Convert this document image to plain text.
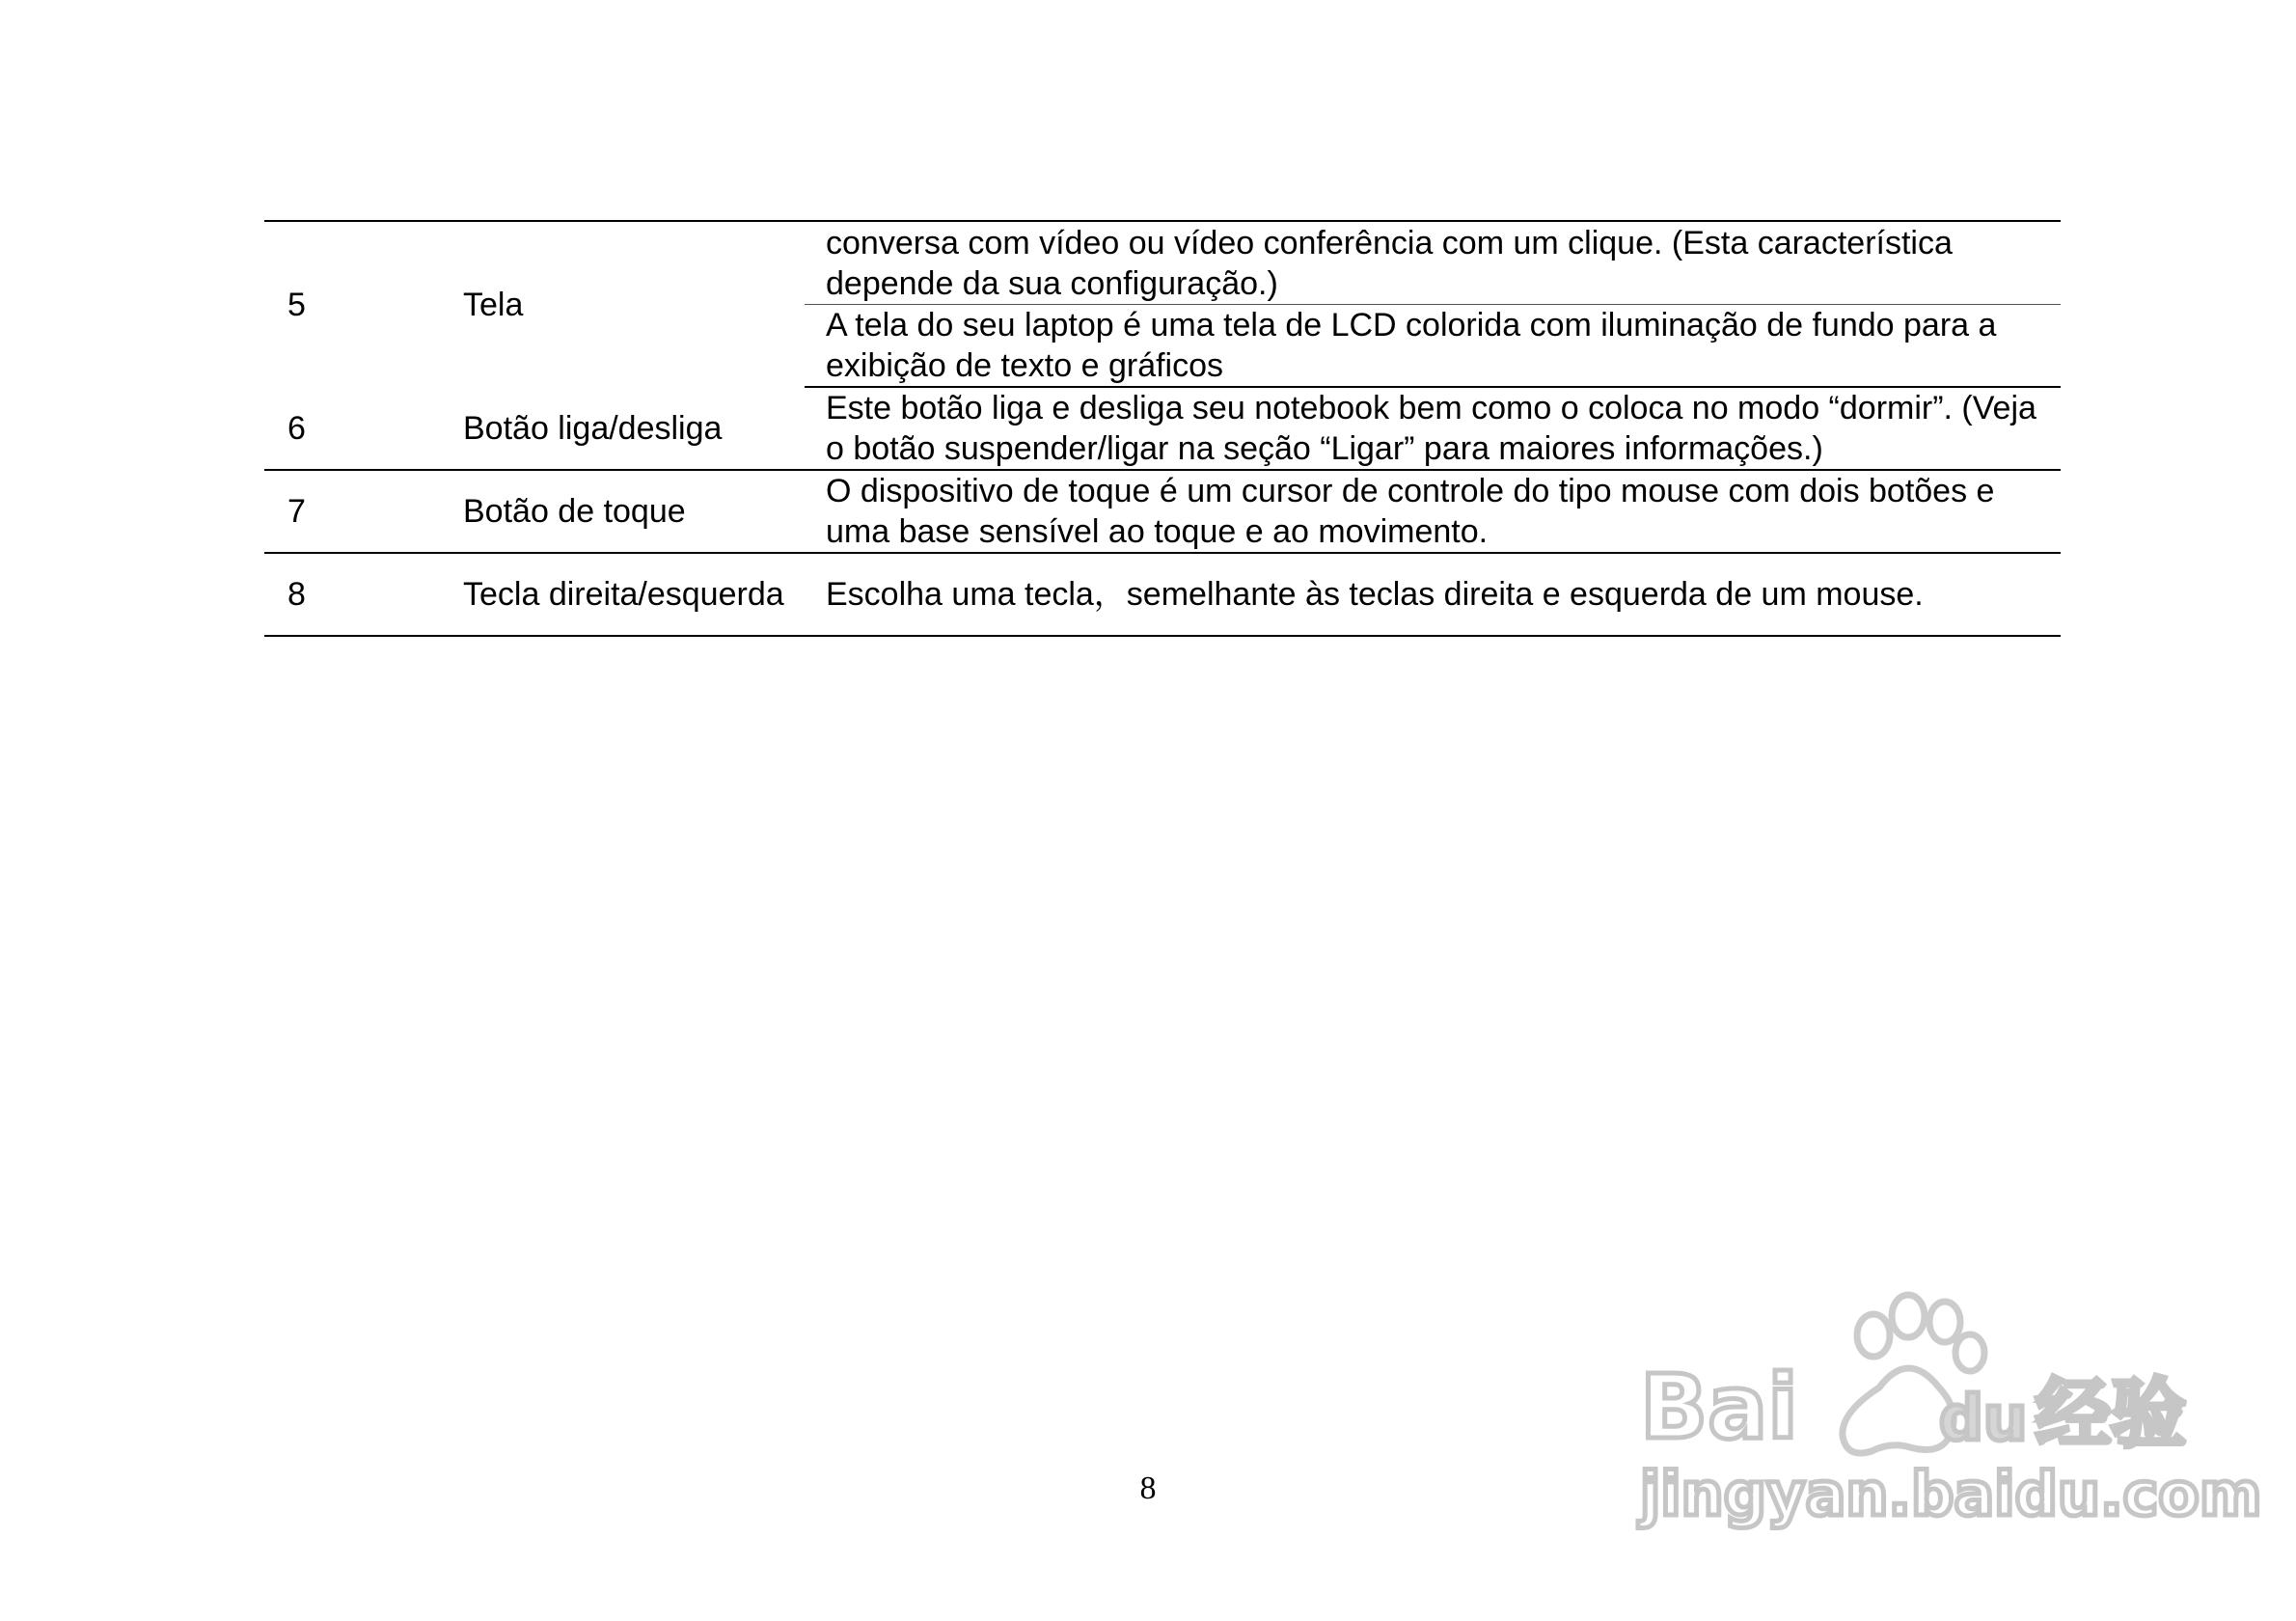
5	Tela	conversa com vídeo ou vídeo conferência com um clique. (Esta característica depende da sua configuração.)
		A tela do seu laptop é uma tela de LCD colorida com iluminação de fundo para a exibição de texto e gráficos
6	Botão liga/desliga	Este botão liga e desliga seu notebook bem como o coloca no modo “dormir”. (Veja o botão suspender/ligar na seção “Ligar” para maiores informações.)
7	Botão de toque	O dispositivo de toque é um cursor de controle do tipo mouse com dois botões e uma base sensível ao toque e ao movimento.
8	Tecla direita/esquerda	Escolha uma tecla，semelhante às teclas direita e esquerda de um mouse.
8
Bai du 经验
jingyan.baidu.com
